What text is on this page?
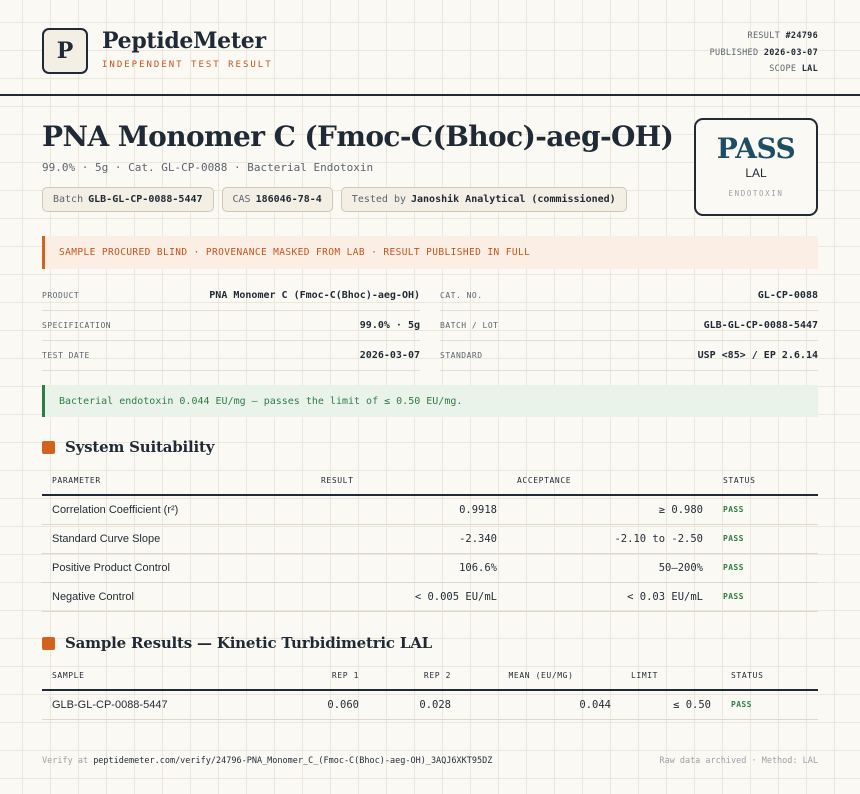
P	PeptideMeter
INDEPENDENT TEST RESULT
RESULT #24796
PUBLISHED 2026-03-07
SCOPE LAL
PNA Monomer C (Fmoc-C(Bhoc)-aeg-OH)
99.0% · 5g · Cat. GL-CP-0088 · Bacterial Endotoxin
Batch GLB-GL-CP-0088-5447	CAS 186046-78-4	Tested by Janoshik Analytical (commissioned)
PASS
LAL
ENDOTOXIN
SAMPLE PROCURED BLIND · PROVENANCE MASKED FROM LAB · RESULT PUBLISHED IN FULL
PRODUCT	PNA Monomer C (Fmoc-C(Bhoc)-aeg-OH)
SPECIFICATION	99.0% · 5g
TEST DATE	2026-03-07
CAT. NO.	GL-CP-0088
BATCH / LOT	GLB-GL-CP-0088-5447
STANDARD	USP <85> / EP 2.6.14
Bacterial endotoxin 0.044 EU/mg — passes the limit of ≤ 0.50 EU/mg.
System Suitability
PARAMETER	RESULT	ACCEPTANCE	STATUS
Correlation Coefficient (r²)	0.9918	≥ 0.980	PASS
Standard Curve Slope	-2.340	-2.10 to -2.50	PASS
Positive Product Control	106.6%	50–200%	PASS
Negative Control	< 0.005 EU/mL	< 0.03 EU/mL	PASS
Sample Results — Kinetic Turbidimetric LAL
SAMPLE	REP 1	REP 2	MEAN (EU/MG)	LIMIT	STATUS
GLB-GL-CP-0088-5447	0.060	0.028	0.044	≤ 0.50	PASS
Verify at peptidemeter.com/verify/24796-PNA_Monomer_C_(Fmoc-C(Bhoc)-aeg-OH)_3AQJ6XKT95DZ	Raw data archived · Method: LAL
